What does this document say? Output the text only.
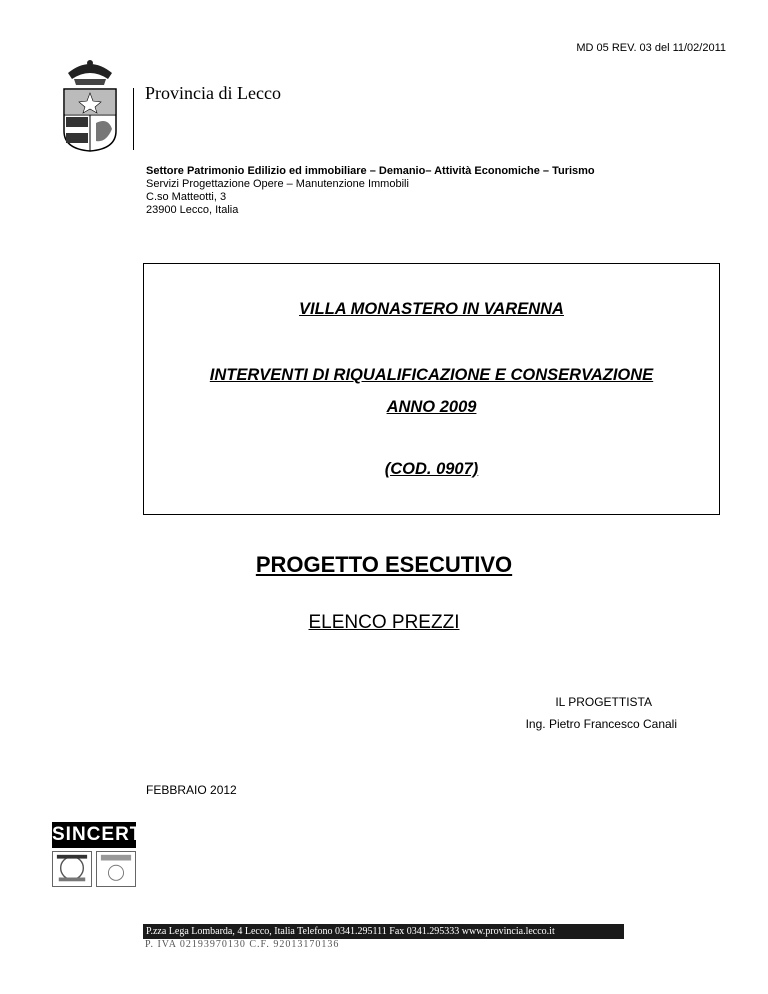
MD 05 REV. 03 del 11/02/2011
Provincia di Lecco
Settore Patrimonio Edilizio ed immobiliare – Demanio– Attività Economiche – Turismo
Servizi Progettazione Opere – Manutenzione Immobili
C.so Matteotti, 3
23900 Lecco, Italia
VILLA MONASTERO IN VARENNA
INTERVENTI DI RIQUALIFICAZIONE E CONSERVAZIONE
ANNO 2009
(COD. 0907)
PROGETTO ESECUTIVO
ELENCO PREZZI
IL PROGETTISTA
Ing. Pietro Francesco Canali
FEBBRAIO 2012
SINCERT
P.zza Lega Lombarda, 4 Lecco, Italia Telefono 0341.295111 Fax 0341.295333 www.provincia.lecco.it
P. IVA 02193970130 C.F. 92013170136
